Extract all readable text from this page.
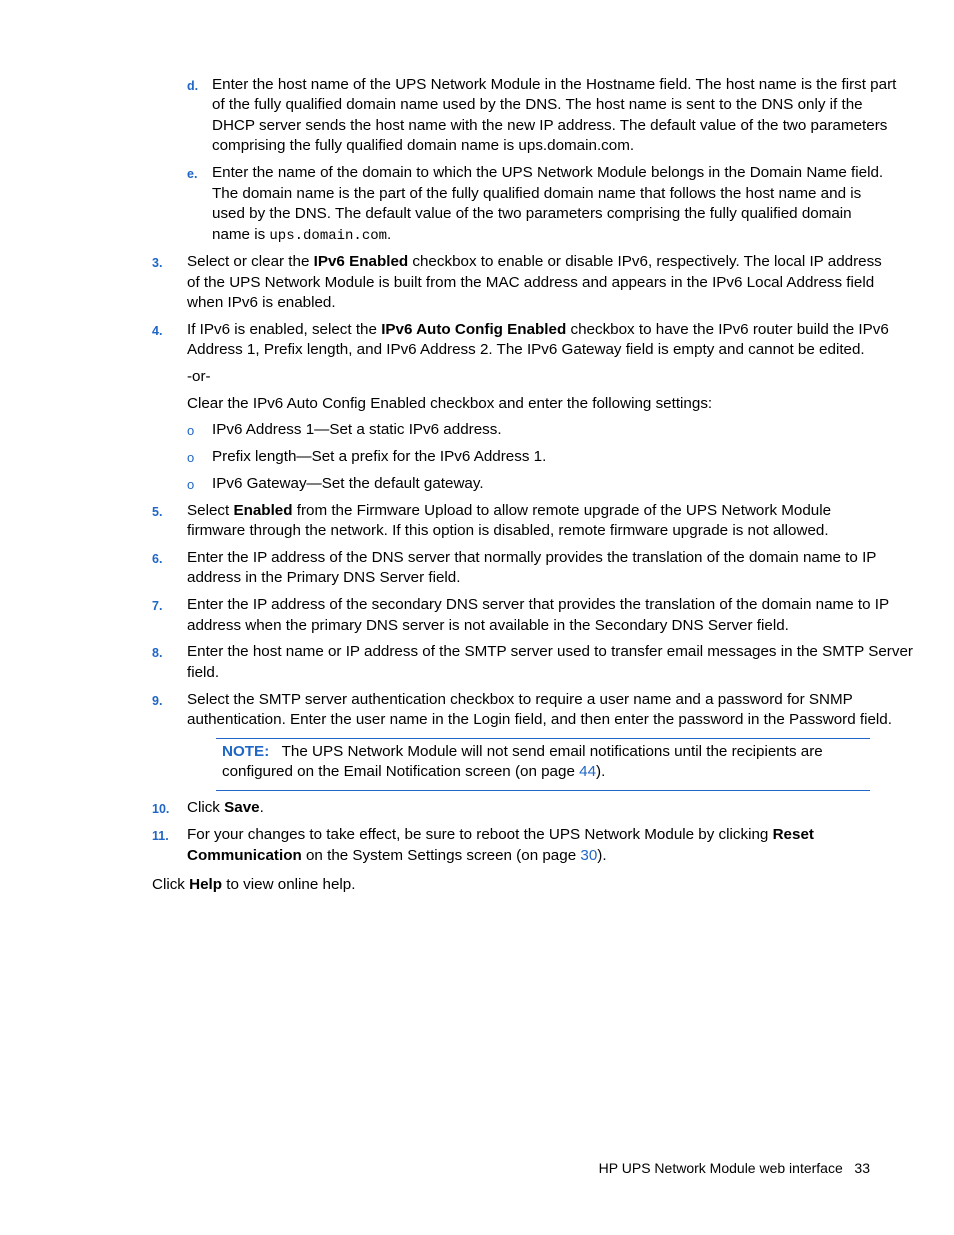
d. Enter the host name of the UPS Network Module in the Hostname field. The host name is the first part
of the fully qualified domain name used by the DNS. The host name is sent to the DNS only if the
DHCP server sends the host name with the new IP address. The default value of the two parameters
comprising the fully qualified domain name is ups.domain.com.
e. Enter the name of the domain to which the UPS Network Module belongs in the Domain Name field.
The domain name is the part of the fully qualified domain name that follows the host name and is
used by the DNS. The default value of the two parameters comprising the fully qualified domain
name is ups.domain.com.
3. Select or clear the IPv6 Enabled checkbox to enable or disable IPv6, respectively. The local IP address
of the UPS Network Module is built from the MAC address and appears in the IPv6 Local Address field
when IPv6 is enabled.
4. If IPv6 is enabled, select the IPv6 Auto Config Enabled checkbox to have the IPv6 router build the IPv6
Address 1, Prefix length, and IPv6 Address 2. The IPv6 Gateway field is empty and cannot be edited.
-or-
Clear the IPv6 Auto Config Enabled checkbox and enter the following settings:
o IPv6 Address 1—Set a static IPv6 address.
o Prefix length—Set a prefix for the IPv6 Address 1.
o IPv6 Gateway—Set the default gateway.
5. Select Enabled from the Firmware Upload to allow remote upgrade of the UPS Network Module
firmware through the network. If this option is disabled, remote firmware upgrade is not allowed.
6. Enter the IP address of the DNS server that normally provides the translation of the domain name to IP
address in the Primary DNS Server field.
7. Enter the IP address of the secondary DNS server that provides the translation of the domain name to IP
address when the primary DNS server is not available in the Secondary DNS Server field.
8. Enter the host name or IP address of the SMTP server used to transfer email messages in the SMTP Server
field.
9. Select the SMTP server authentication checkbox to require a user name and a password for SNMP
authentication. Enter the user name in the Login field, and then enter the password in the Password field.
NOTE: The UPS Network Module will not send email notifications until the recipients are
configured on the Email Notification screen (on page 44).
10. Click Save.
11. For your changes to take effect, be sure to reboot the UPS Network Module by clicking Reset
Communication on the System Settings screen (on page 30).
Click Help to view online help.
HP UPS Network Module web interface 33
